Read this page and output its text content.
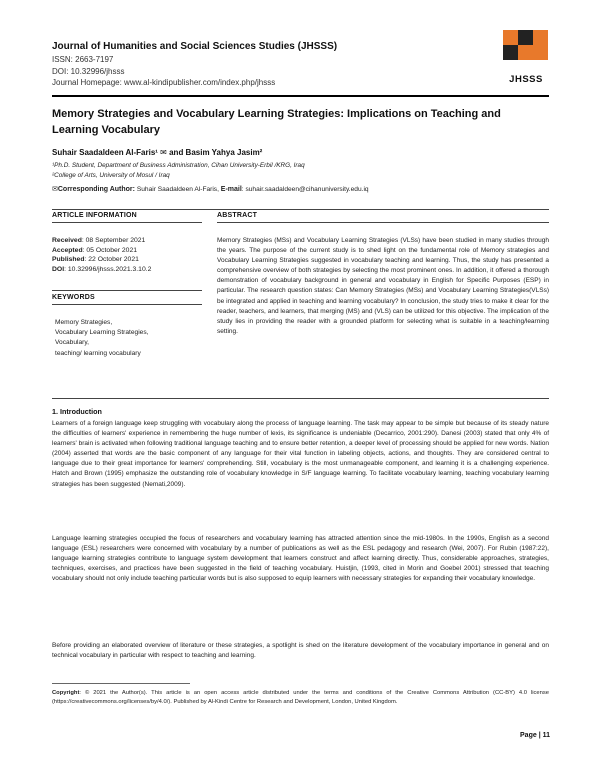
Journal of Humanities and Social Sciences Studies (JHSSS)
ISSN: 2663-7197
DOI: 10.32996/jhsss
Journal Homepage: www.al-kindipublisher.com/index.php/jhsss	JHSSS
Memory Strategies and Vocabulary Learning Strategies: Implications on Teaching and Learning Vocabulary
Suhair Saadaldeen Al-Faris¹ ✉ and Basim Yahya Jasim²
¹Ph.D. Student, Department of Business Administration, Cihan University-Erbil /KRG, Iraq
²College of Arts, University of Mosul / Iraq
✉Corresponding Author: Suhair Saadaldeen Al-Faris, E-mail: suhair.saadaldeen@cihanuniversity.edu.iq
ARTICLE INFORMATION	ABSTRACT
Received: 08 September 2021
Accepted: 05 October 2021
Published: 22 October 2021
DOI: 10.32996/jhsss.2021.3.10.2
KEYWORDS
Memory Strategies,
Vocabulary Learning Strategies,
Vocabulary,
teaching/ learning vocabulary
Memory Strategies (MSs) and Vocabulary Learning Strategies (VLSs) have been studied in many studies through the years. The purpose of the current study is to shed light on the fundamental role of Memory strategies and Vocabulary Learning Strategies suggested in vocabulary teaching and learning. Thus, the study has presented a comprehensive overview of both strategies by selecting the most prominent ones. In addition, it offered a thorough demonstration of vocabulary background in general and vocabulary in English for Specific Purposes (ESP) in particular. The research question states: Can Memory Strategies (MSs) and Vocabulary Learning Strategies(VLSs) be integrated and applied in teaching and learning vocabulary? In conclusion, the study tries to make it clear for the reader, teachers, and learners, that merging (MS) and (VLS) can be utilized for this objective. The implication of the study lies in providing the reader with a grounded platform for selecting what is suitable in a teaching/learning setting.
1. Introduction
Learners of a foreign language keep struggling with vocabulary along the process of language learning. The task may appear to be simple but because of its steady nature the difficulties of learners' experience in remembering the huge number of lexis, its significance is undeniable (Decarrico, 2001:290). Danesi (2003) stated that only 4% of learners' brain is activated when following traditional language teaching and to ensure better retention, a deeper level of processing should be applied for new words. Nation (2004) asserted that words are the basic component of any language for their vital function in labeling objects, actions, and thoughts. They are considered central to language due to their great importance for learners' comprehending. Still, vocabulary is the most unmanageable component, and learning it is a challenging experience. Hatch and Brown (1995) emphasize the outstanding role of vocabulary knowledge in S/F language learning. To facilitate vocabulary learning, teaching vocabulary learning strategies has been suggested (Nemati,2009).
Language learning strategies occupied the focus of researchers and vocabulary learning has attracted attention since the mid-1980s. In the 1990s, English as a second language (ESL) researchers were concerned with vocabulary by a number of publications as well as the ESL pedagogy and research (Wei, 2007). For Rubin (1987:22), language learning strategies contribute to language system development that learners construct and affect learning directly. Thus, considerable approaches, strategies, techniques, exercises, and practices have been suggested in the field of teaching vocabulary. Huistjin, (1993, cited in Morin and Goebel 2001) stressed that teaching vocabulary should not only include teaching particular words but is also supposed to equip learners with necessary strategies for expanding their vocabulary knowledge.
Before providing an elaborated overview of literature or these strategies, a spotlight is shed on the literature development of the vocabulary importance in general and on technical vocabulary in particular with respect to teaching and learning.
Copyright: © 2021 the Author(s). This article is an open access article distributed under the terms and conditions of the Creative Commons Attribution (CC-BY) 4.0 license (https://creativecommons.org/licenses/by/4.0/). Published by Al-Kindi Centre for Research and Development, London, United Kingdom.
Page | 11
